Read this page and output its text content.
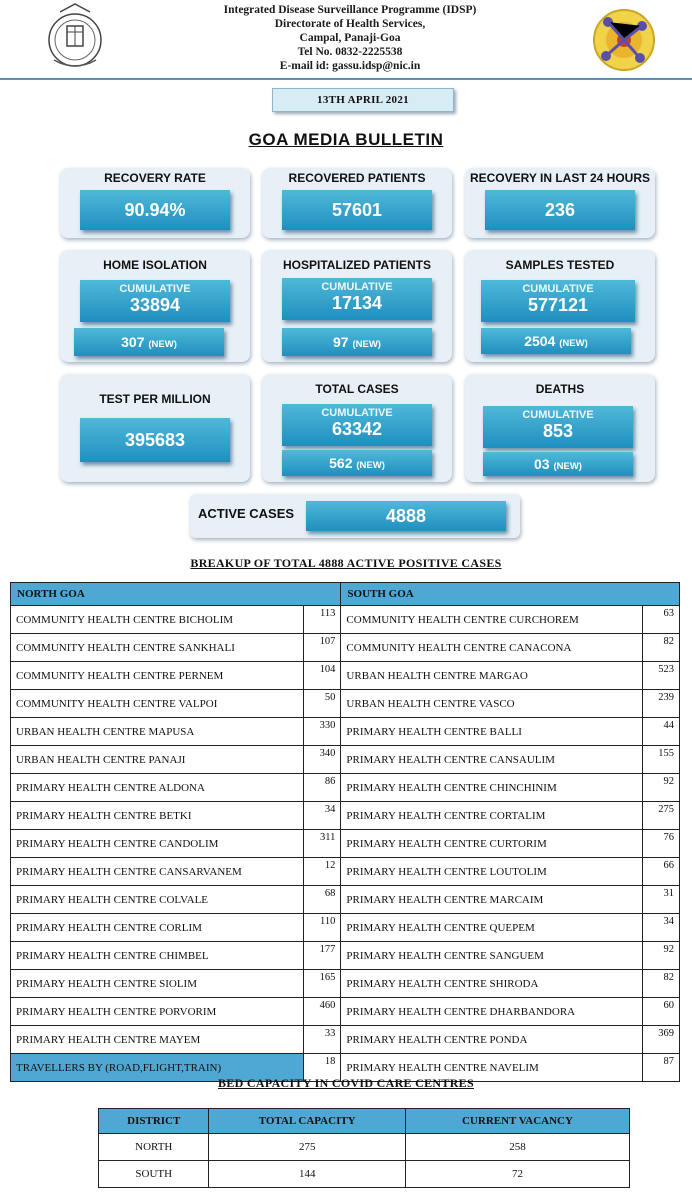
Integrated Disease Surveillance Programme (IDSP)
Directorate of Health Services,
Campal, Panaji-Goa
Tel No. 0832-2225538
E-mail id: gassu.idsp@nic.in
13TH APRIL 2021
GOA MEDIA BULLETIN
RECOVERY RATE
90.94%
RECOVERED PATIENTS
57601
RECOVERY IN LAST 24 HOURS
236
HOME ISOLATION
CUMULATIVE
33894
307 (NEW)
HOSPITALIZED PATIENTS
CUMULATIVE
17134
97 (NEW)
SAMPLES TESTED
CUMULATIVE
577121
2504 (NEW)
TEST PER MILLION
395683
TOTAL CASES
CUMULATIVE
63342
562 (NEW)
DEATHS
CUMULATIVE
853
03 (NEW)
ACTIVE CASES	4888
BREAKUP OF TOTAL 4888 ACTIVE POSITIVE CASES
NORTH GOA		SOUTH GOA	
COMMUNITY HEALTH CENTRE BICHOLIM	113	COMMUNITY HEALTH CENTRE CURCHOREM	63
COMMUNITY HEALTH CENTRE SANKHALI	107	COMMUNITY HEALTH CENTRE CANACONA	82
COMMUNITY HEALTH CENTRE PERNEM	104	URBAN HEALTH CENTRE MARGAO	523
COMMUNITY HEALTH CENTRE VALPOI	50	URBAN HEALTH CENTRE VASCO	239
URBAN HEALTH CENTRE MAPUSA	330	PRIMARY HEALTH CENTRE BALLI	44
URBAN HEALTH CENTRE PANAJI	340	PRIMARY HEALTH CENTRE CANSAULIM	155
PRIMARY HEALTH CENTRE ALDONA	86	PRIMARY HEALTH CENTRE CHINCHINIM	92
PRIMARY HEALTH CENTRE BETKI	34	PRIMARY HEALTH CENTRE CORTALIM	275
PRIMARY HEALTH CENTRE CANDOLIM	311	PRIMARY HEALTH CENTRE CURTORIM	76
PRIMARY HEALTH CENTRE CANSARVANEM	12	PRIMARY HEALTH CENTRE LOUTOLIM	66
PRIMARY HEALTH CENTRE COLVALE	68	PRIMARY HEALTH CENTRE MARCAIM	31
PRIMARY HEALTH CENTRE CORLIM	110	PRIMARY HEALTH CENTRE QUEPEM	34
PRIMARY HEALTH CENTRE CHIMBEL	177	PRIMARY HEALTH CENTRE SANGUEM	92
PRIMARY HEALTH CENTRE SIOLIM	165	PRIMARY HEALTH CENTRE SHIRODA	82
PRIMARY HEALTH CENTRE PORVORIM	460	PRIMARY HEALTH CENTRE DHARBANDORA	60
PRIMARY HEALTH CENTRE MAYEM	33	PRIMARY HEALTH CENTRE PONDA	369
TRAVELLERS BY (ROAD,FLIGHT,TRAIN)	18	PRIMARY HEALTH CENTRE NAVELIM	87
BED CAPACITY IN COVID CARE CENTRES
DISTRICT	TOTAL CAPACITY	CURRENT VACANCY
NORTH	275	258
SOUTH	144	72
